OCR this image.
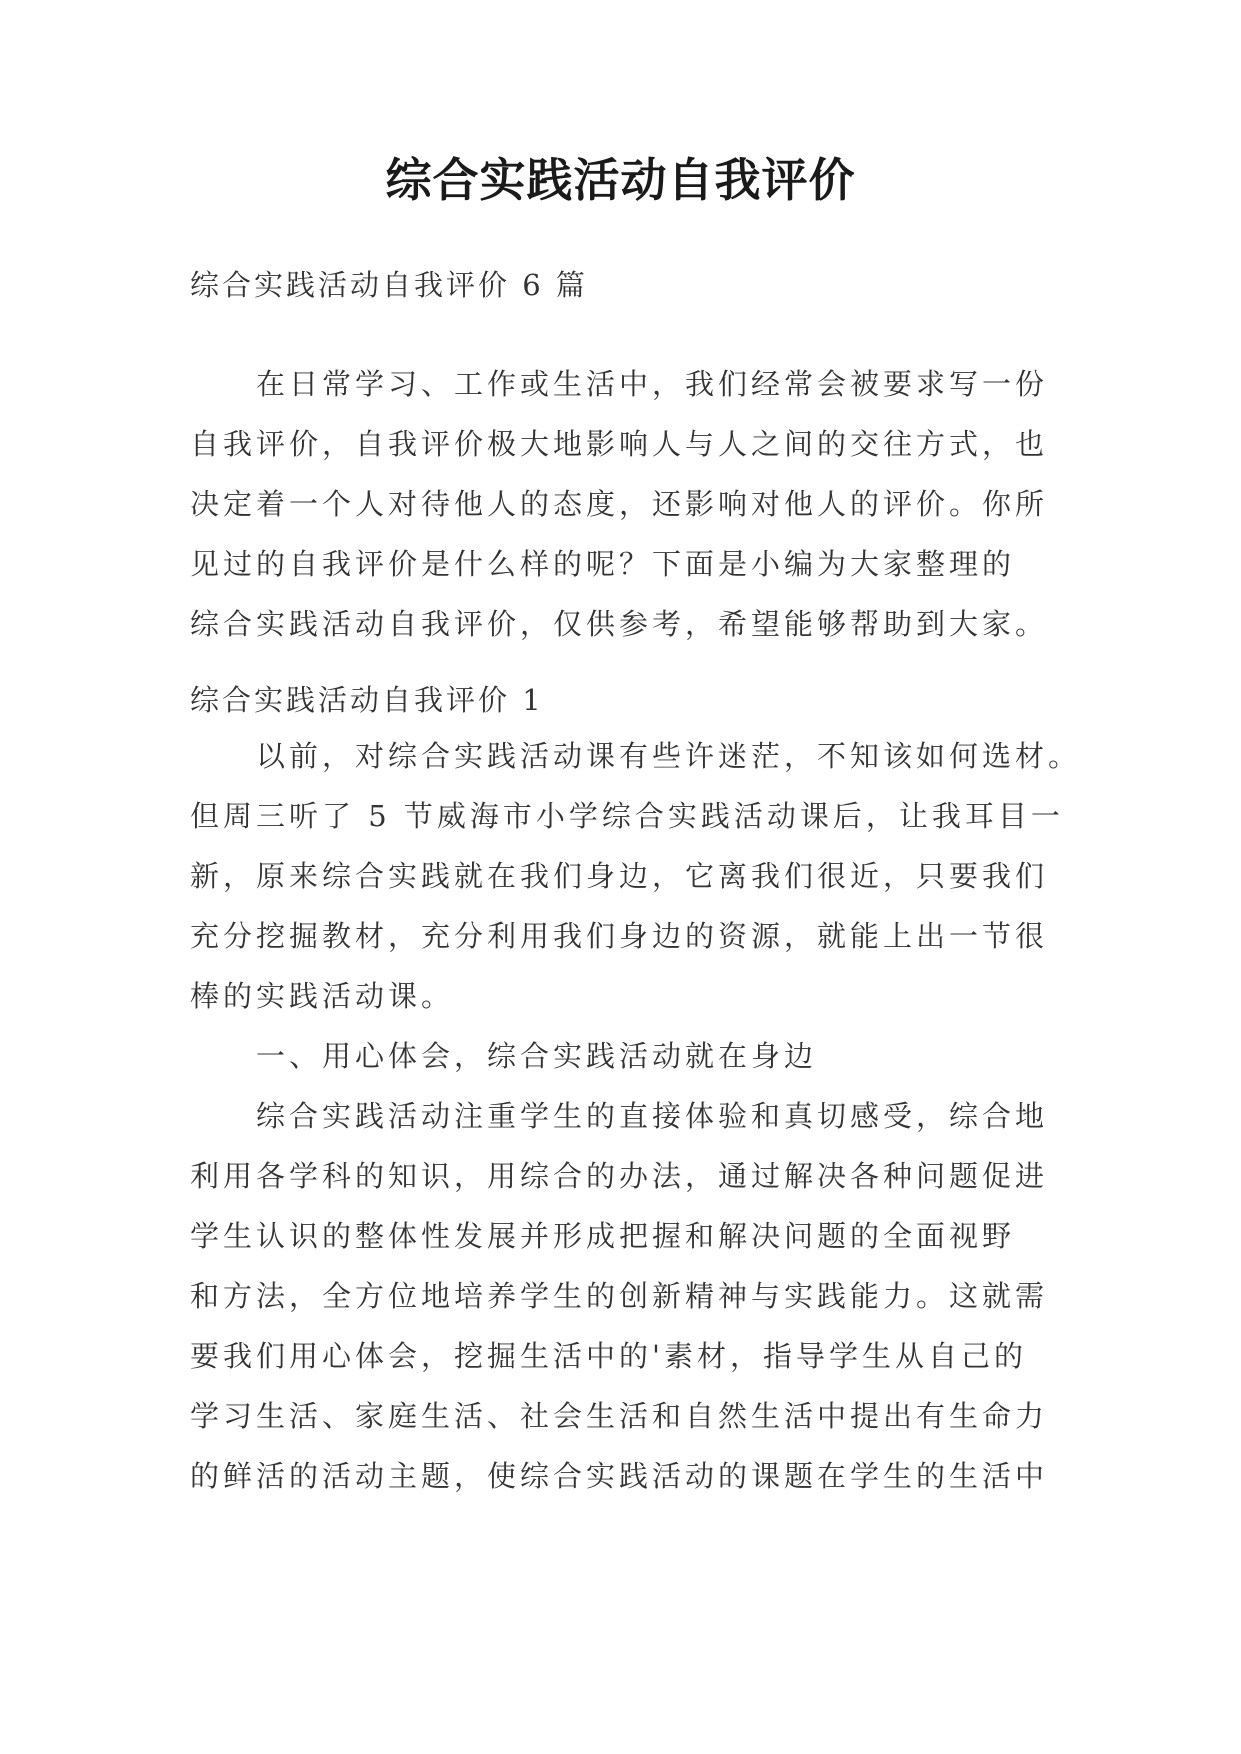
综合实践活动自我评价
综合实践活动自我评价 6 篇
在日常学习、工作或生活中，我们经常会被要求写一份
自我评价，自我评价极大地影响人与人之间的交往方式，也
决定着一个人对待他人的态度，还影响对他人的评价。你所
见过的自我评价是什么样的呢？下面是小编为大家整理的
综合实践活动自我评价，仅供参考，希望能够帮助到大家。
综合实践活动自我评价 1
以前，对综合实践活动课有些许迷茫，不知该如何选材。
但周三听了 5 节威海市小学综合实践活动课后，让我耳目一
新，原来综合实践就在我们身边，它离我们很近，只要我们
充分挖掘教材，充分利用我们身边的资源，就能上出一节很
棒的实践活动课。
一、用心体会，综合实践活动就在身边
综合实践活动注重学生的直接体验和真切感受，综合地
利用各学科的知识，用综合的办法，通过解决各种问题促进
学生认识的整体性发展并形成把握和解决问题的全面视野
和方法，全方位地培养学生的创新精神与实践能力。这就需
要我们用心体会，挖掘生活中的'素材，指导学生从自己的
学习生活、家庭生活、社会生活和自然生活中提出有生命力
的鲜活的活动主题，使综合实践活动的课题在学生的生活中
